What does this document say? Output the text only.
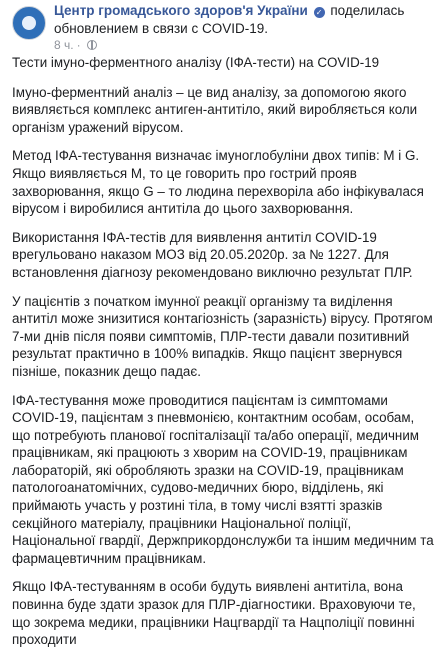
Центр громадського здоров'я України ✓ поделилась обновлением в связи с COVID-19.
8 ч. ·

Тести імуно-ферментного аналізу (ІФА-тести) на COVID-19

Імуно-ферментний аналіз – це вид аналізу, за допомогою якого виявляється комплекс антиген-антитіло, який виробляється коли організм уражений вірусом.

Метод ІФА-тестування визначає імуноглобуліни двох типів: M і G. Якщо виявляється M, то це говорить про гострий прояв захворювання, якщо G – то людина перехворіла або інфікувалася вірусом і виробилися антитіла до цього захворювання.

Використання ІФА-тестів для виявлення антитіл COVID-19 врегульовано наказом МОЗ від 20.05.2020р. за № 1227. Для встановлення діагнозу рекомендовано виключно результат ПЛР.

У пацієнтів з початком імунної реакції організму та виділення антитіл може знизитися контагіозність (заразність) вірусу. Протягом 7-ми днів після появи симптомів, ПЛР-тести давали позитивний результат практично в 100% випадків. Якщо пацієнт звернувся пізніше, показник дещо падає.

ІФА-тестування може проводитися пацієнтам із симптомами COVID-19, пацієнтам з пневмонією, контактним особам, особам, що потребують планової госпіталізації та/або операції, медичним працівникам, які працюють з хворим на COVID-19, працівникам лабораторій, які обробляють зразки на COVID-19, працівникам патологоанатомічних, судово-медичних бюро, відділень, які приймають участь у розтині тіла, в тому числі взятті зразків секційного матеріалу, працівники Національної поліції, Національної гвардії, Держприкордонслужби та іншим медичним та фармацевтичним працівникам.

Якщо ІФА-тестуванням в особи будуть виявлені антитіла, вона повинна буде здати зразок для ПЛР-діагностики. Враховуючи те, що зокрема медики, працівники Нацгвардії та Нацполіції повинні проходити
